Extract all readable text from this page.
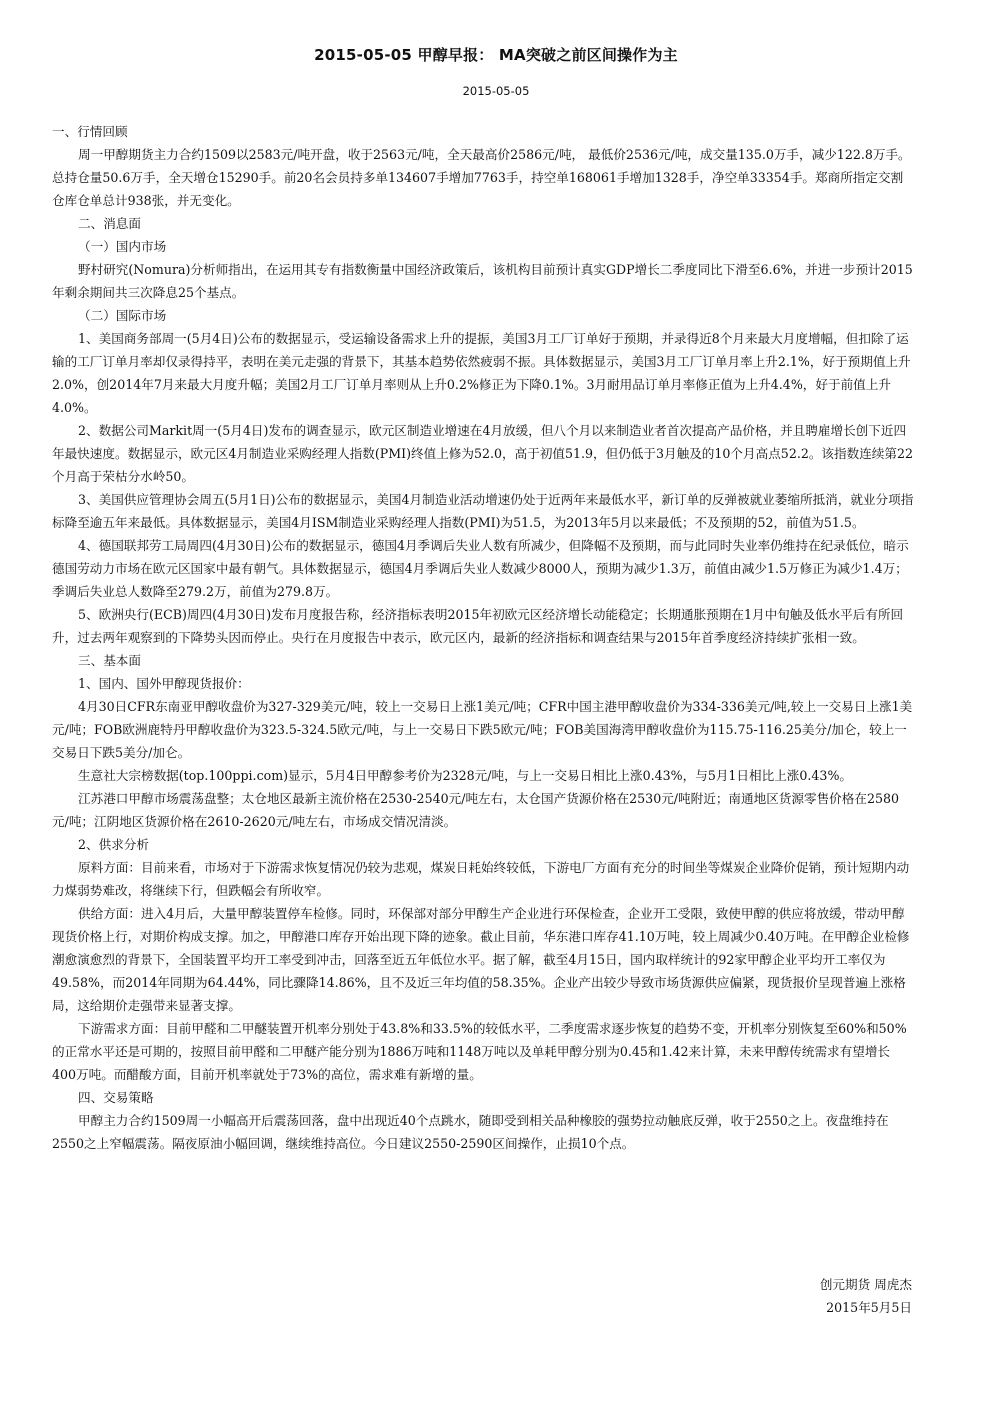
2015-05-05 甲醇早报： MA突破之前区间操作为主
2015-05-05

一、行情回顾

周一甲醇期货主力合约1509以2583元/吨开盘，收于2563元/吨，全天最高价2586元/吨， 最低价2536元/吨，成交量135.0万手，减少122.8万手。总持仓量50.6万手，全天增仓15290手。前20名会员持多单134607手增加7763手，持空单168061手增加1328手，净空单33354手。郑商所指定交割仓库仓单总计938张，并无变化。

二、消息面

（一）国内市场

野村研究(Nomura)分析师指出，在运用其专有指数衡量中国经济政策后，该机构目前预计真实GDP增长二季度同比下滑至6.6%，并进一步预计2015年剩余期间共三次降息25个基点。

（二）国际市场

1、美国商务部周一(5月4日)公布的数据显示，受运输设备需求上升的提振，美国3月工厂订单好于预期，并录得近8个月来最大月度增幅，但扣除了运输的工厂订单月率却仅录得持平，表明在美元走强的背景下，其基本趋势依然疲弱不振。具体数据显示，美国3月工厂订单月率上升2.1%，好于预期值上升2.0%，创2014年7月来最大月度升幅；美国2月工厂订单月率则从上升0.2%修正为下降0.1%。3月耐用品订单月率修正值为上升4.4%，好于前值上升4.0%。

2、数据公司Markit周一(5月4日)发布的调查显示，欧元区制造业增速在4月放缓，但八个月以来制造业者首次提高产品价格，并且聘雇增长创下近四年最快速度。数据显示，欧元区4月制造业采购经理人指数(PMI)终值上修为52.0，高于初值51.9，但仍低于3月触及的10个月高点52.2。该指数连续第22个月高于荣枯分水岭50。

3、美国供应管理协会周五(5月1日)公布的数据显示，美国4月制造业活动增速仍处于近两年来最低水平，新订单的反弹被就业萎缩所抵消，就业分项指标降至逾五年来最低。具体数据显示，美国4月ISM制造业采购经理人指数(PMI)为51.5，为2013年5月以来最低；不及预期的52，前值为51.5。

4、德国联邦劳工局周四(4月30日)公布的数据显示，德国4月季调后失业人数有所减少，但降幅不及预期，而与此同时失业率仍维持在纪录低位，暗示德国劳动力市场在欧元区国家中最有朝气。具体数据显示，德国4月季调后失业人数减少8000人，预期为减少1.3万，前值由减少1.5万修正为减少1.4万；季调后失业总人数降至279.2万，前值为279.8万。

5、欧洲央行(ECB)周四(4月30日)发布月度报告称，经济指标表明2015年初欧元区经济增长动能稳定；长期通胀预期在1月中旬触及低水平后有所回升，过去两年观察到的下降势头因而停止。央行在月度报告中表示，欧元区内，最新的经济指标和调查结果与2015年首季度经济持续扩张相一致。

三、基本面

1、国内、国外甲醇现货报价：

4月30日CFR东南亚甲醇收盘价为327-329美元/吨，较上一交易日上涨1美元/吨；CFR中国主港甲醇收盘价为334-336美元/吨,较上一交易日上涨1美元/吨；FOB欧洲鹿特丹甲醇收盘价为323.5-324.5欧元/吨，与上一交易日下跌5欧元/吨；FOB美国海湾甲醇收盘价为115.75-116.25美分/加仑，较上一交易日下跌5美分/加仑。

生意社大宗榜数据(top.100ppi.com)显示，5月4日甲醇参考价为2328元/吨，与上一交易日相比上涨0.43%，与5月1日相比上涨0.43%。

江苏港口甲醇市场震荡盘整；太仓地区最新主流价格在2530-2540元/吨左右，太仓国产货源价格在2530元/吨附近；南通地区货源零售价格在2580元/吨；江阴地区货源价格在2610-2620元/吨左右，市场成交情况清淡。

2、供求分析

原料方面：目前来看，市场对于下游需求恢复情况仍较为悲观，煤炭日耗始终较低，下游电厂方面有充分的时间坐等煤炭企业降价促销，预计短期内动力煤弱势难改，将继续下行，但跌幅会有所收窄。

供给方面：进入4月后，大量甲醇装置停车检修。同时，环保部对部分甲醇生产企业进行环保检查，企业开工受限，致使甲醇的供应将放缓，带动甲醇现货价格上行，对期价构成支撑。加之，甲醇港口库存开始出现下降的迹象。截止目前，华东港口库存41.10万吨，较上周减少0.40万吨。在甲醇企业检修潮愈演愈烈的背景下，全国装置平均开工率受到冲击，回落至近五年低位水平。据了解，截至4月15日，国内取样统计的92家甲醇企业平均开工率仅为49.58%，而2014年同期为64.44%，同比骤降14.86%，且不及近三年均值的58.35%。企业产出较少导致市场货源供应偏紧，现货报价呈现普遍上涨格局，这给期价走强带来显著支撑。

下游需求方面：目前甲醛和二甲醚装置开机率分别处于43.8%和33.5%的较低水平，二季度需求逐步恢复的趋势不变，开机率分别恢复至60%和50%的正常水平还是可期的，按照目前甲醛和二甲醚产能分别为1886万吨和1148万吨以及单耗甲醇分别为0.45和1.42来计算，未来甲醇传统需求有望增长400万吨。而醋酸方面，目前开机率就处于73%的高位，需求难有新增的量。

四、交易策略

甲醇主力合约1509周一小幅高开后震荡回落，盘中出现近40个点跳水，随即受到相关品种橡胶的强势拉动触底反弹，收于2550之上。夜盘维持在2550之上窄幅震荡。隔夜原油小幅回调，继续维持高位。今日建议2550-2590区间操作，止损10个点。

创元期货 周虎杰
2015年5月5日
